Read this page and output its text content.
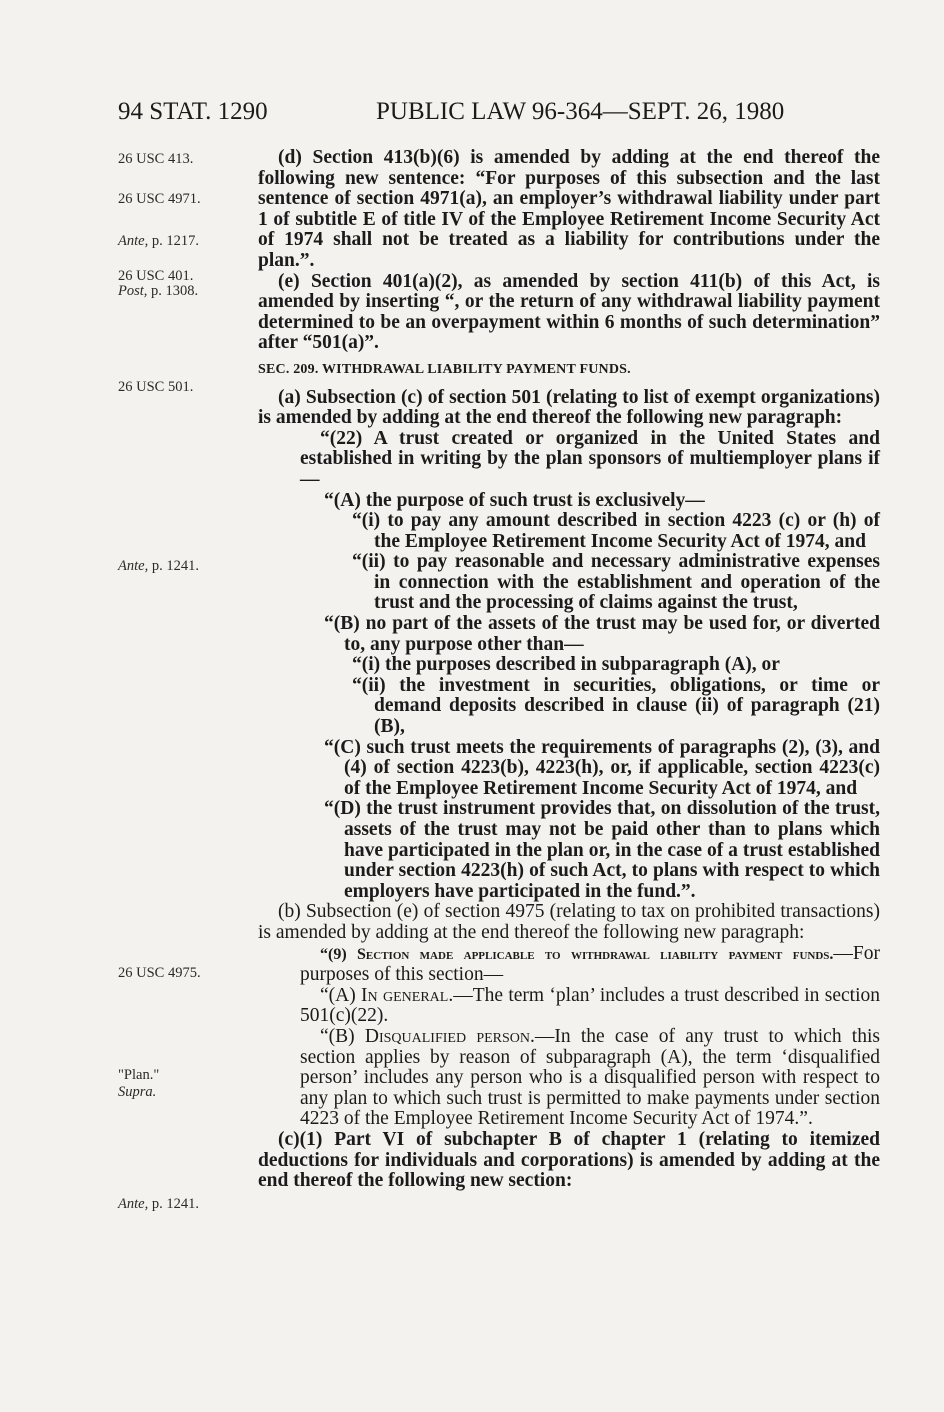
94 STAT. 1290	PUBLIC LAW 96-364—SEPT. 26, 1980
26 USC 413.
26 USC 4971.
Ante, p. 1217.
26 USC 401.
Post, p. 1308.
26 USC 501.
Ante, p. 1241.
26 USC 4975.
"Plan."
Supra.
Ante, p. 1241.

(d) Section 413(b)(6) is amended by adding at the end thereof the following new sentence: “For purposes of this subsection and the last sentence of section 4971(a), an employer’s withdrawal liability under part 1 of subtitle E of title IV of the Employee Retirement Income Security Act of 1974 shall not be treated as a liability for contributions under the plan.”.

(e) Section 401(a)(2), as amended by section 411(b) of this Act, is amended by inserting “, or the return of any withdrawal liability payment determined to be an overpayment within 6 months of such determination” after “501(a)”.

SEC. 209. WITHDRAWAL LIABILITY PAYMENT FUNDS.

(a) Subsection (c) of section 501 (relating to list of exempt organizations) is amended by adding at the end thereof the following new paragraph:

“(22) A trust created or organized in the United States and established in writing by the plan sponsors of multiemployer plans if—

“(A) the purpose of such trust is exclusively—

“(i) to pay any amount described in section 4223 (c) or (h) of the Employee Retirement Income Security Act of 1974, and

“(ii) to pay reasonable and necessary administrative expenses in connection with the establishment and operation of the trust and the processing of claims against the trust,

“(B) no part of the assets of the trust may be used for, or diverted to, any purpose other than—

“(i) the purposes described in subparagraph (A), or

“(ii) the investment in securities, obligations, or time or demand deposits described in clause (ii) of paragraph (21)(B),

“(C) such trust meets the requirements of paragraphs (2), (3), and (4) of section 4223(b), 4223(h), or, if applicable, section 4223(c) of the Employee Retirement Income Security Act of 1974, and

“(D) the trust instrument provides that, on dissolution of the trust, assets of the trust may not be paid other than to plans which have participated in the plan or, in the case of a trust established under section 4223(h) of such Act, to plans with respect to which employers have participated in the fund.”.

(b) Subsection (e) of section 4975 (relating to tax on prohibited transactions) is amended by adding at the end thereof the following new paragraph:

“(9) Section made applicable to withdrawal liability payment funds.—For purposes of this section—

“(A) In general.—The term ‘plan’ includes a trust described in section 501(c)(22).

“(B) Disqualified person.—In the case of any trust to which this section applies by reason of subparagraph (A), the term ‘disqualified person’ includes any person who is a disqualified person with respect to any plan to which such trust is permitted to make payments under section 4223 of the Employee Retirement Income Security Act of 1974.”.

(c)(1) Part VI of subchapter B of chapter 1 (relating to itemized deductions for individuals and corporations) is amended by adding at the end thereof the following new section:
